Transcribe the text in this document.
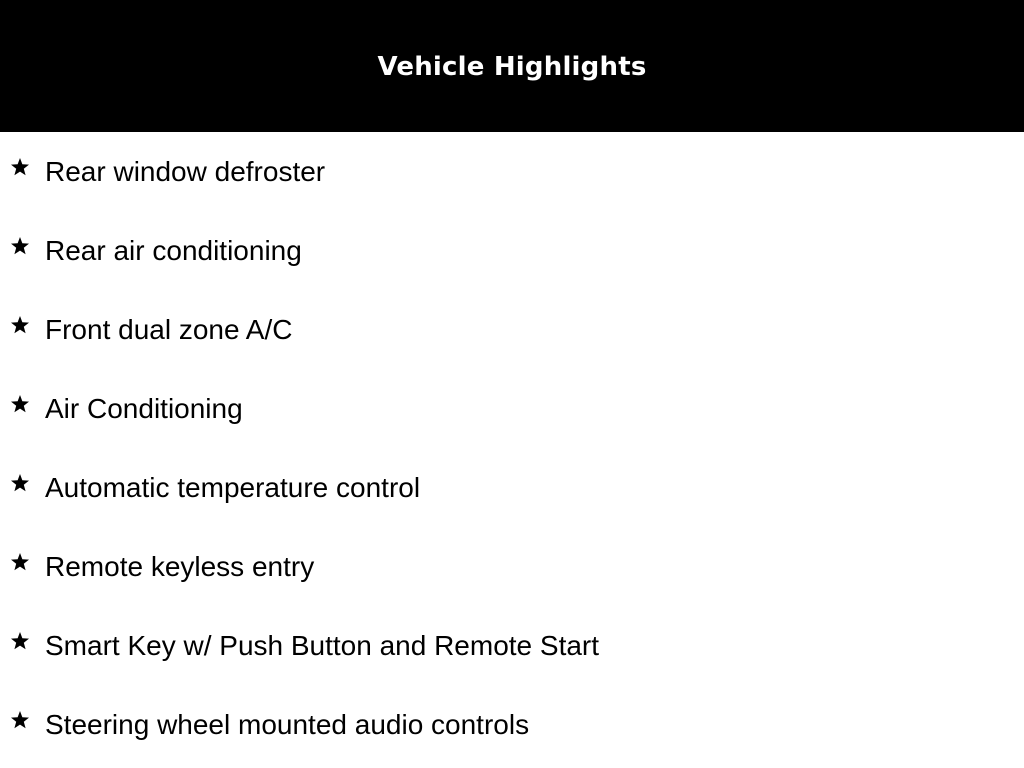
Vehicle Highlights
Rear window defroster
Rear air conditioning
Front dual zone A/C
Air Conditioning
Automatic temperature control
Remote keyless entry
Smart Key w/ Push Button and Remote Start
Steering wheel mounted audio controls
